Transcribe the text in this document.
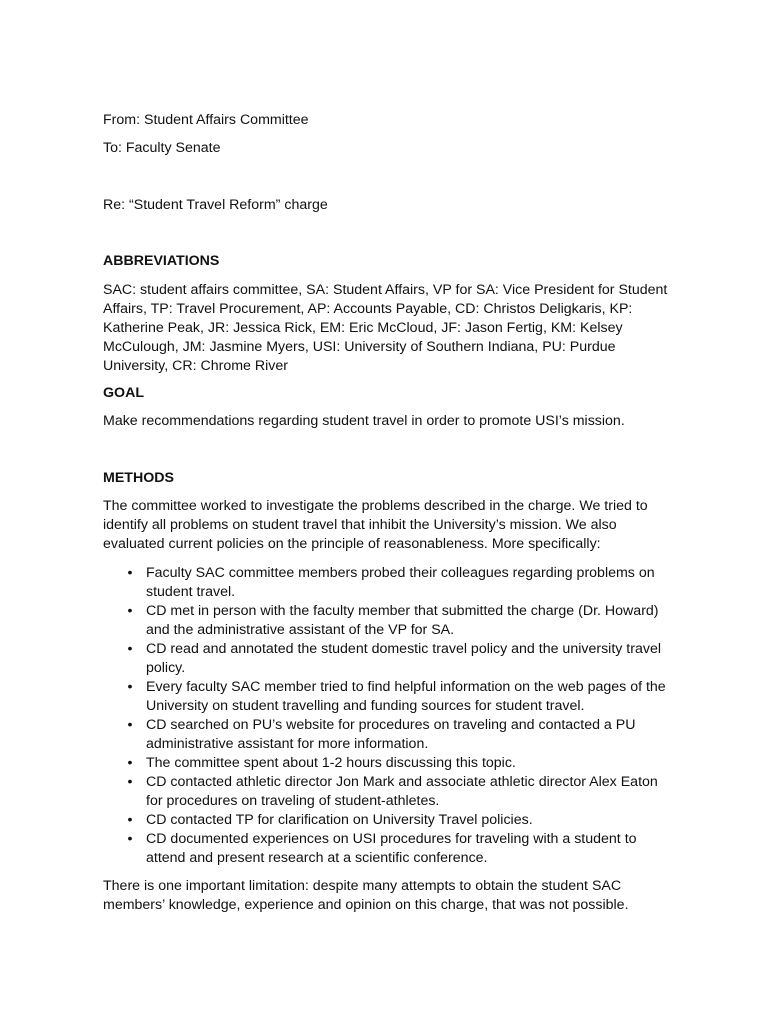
From: Student Affairs Committee
To: Faculty Senate
Re: “Student Travel Reform” charge
ABBREVIATIONS
SAC: student affairs committee, SA: Student Affairs, VP for SA: Vice President for Student Affairs, TP: Travel Procurement, AP: Accounts Payable, CD: Christos Deligkaris, KP: Katherine Peak, JR: Jessica Rick, EM: Eric McCloud, JF: Jason Fertig, KM: Kelsey McCulough, JM: Jasmine Myers, USI: University of Southern Indiana, PU: Purdue University, CR: Chrome River
GOAL
Make recommendations regarding student travel in order to promote USI’s mission.
METHODS
The committee worked to investigate the problems described in the charge. We tried to identify all problems on student travel that inhibit the University’s mission. We also evaluated current policies on the principle of reasonableness. More specifically:
• Faculty SAC committee members probed their colleagues regarding problems on student travel.
• CD met in person with the faculty member that submitted the charge (Dr. Howard) and the administrative assistant of the VP for SA.
• CD read and annotated the student domestic travel policy and the university travel policy.
• Every faculty SAC member tried to find helpful information on the web pages of the University on student travelling and funding sources for student travel.
• CD searched on PU’s website for procedures on traveling and contacted a PU administrative assistant for more information.
• The committee spent about 1-2 hours discussing this topic.
• CD contacted athletic director Jon Mark and associate athletic director Alex Eaton for procedures on traveling of student-athletes.
• CD contacted TP for clarification on University Travel policies.
• CD documented experiences on USI procedures for traveling with a student to attend and present research at a scientific conference.
There is one important limitation: despite many attempts to obtain the student SAC members’ knowledge, experience and opinion on this charge, that was not possible.
